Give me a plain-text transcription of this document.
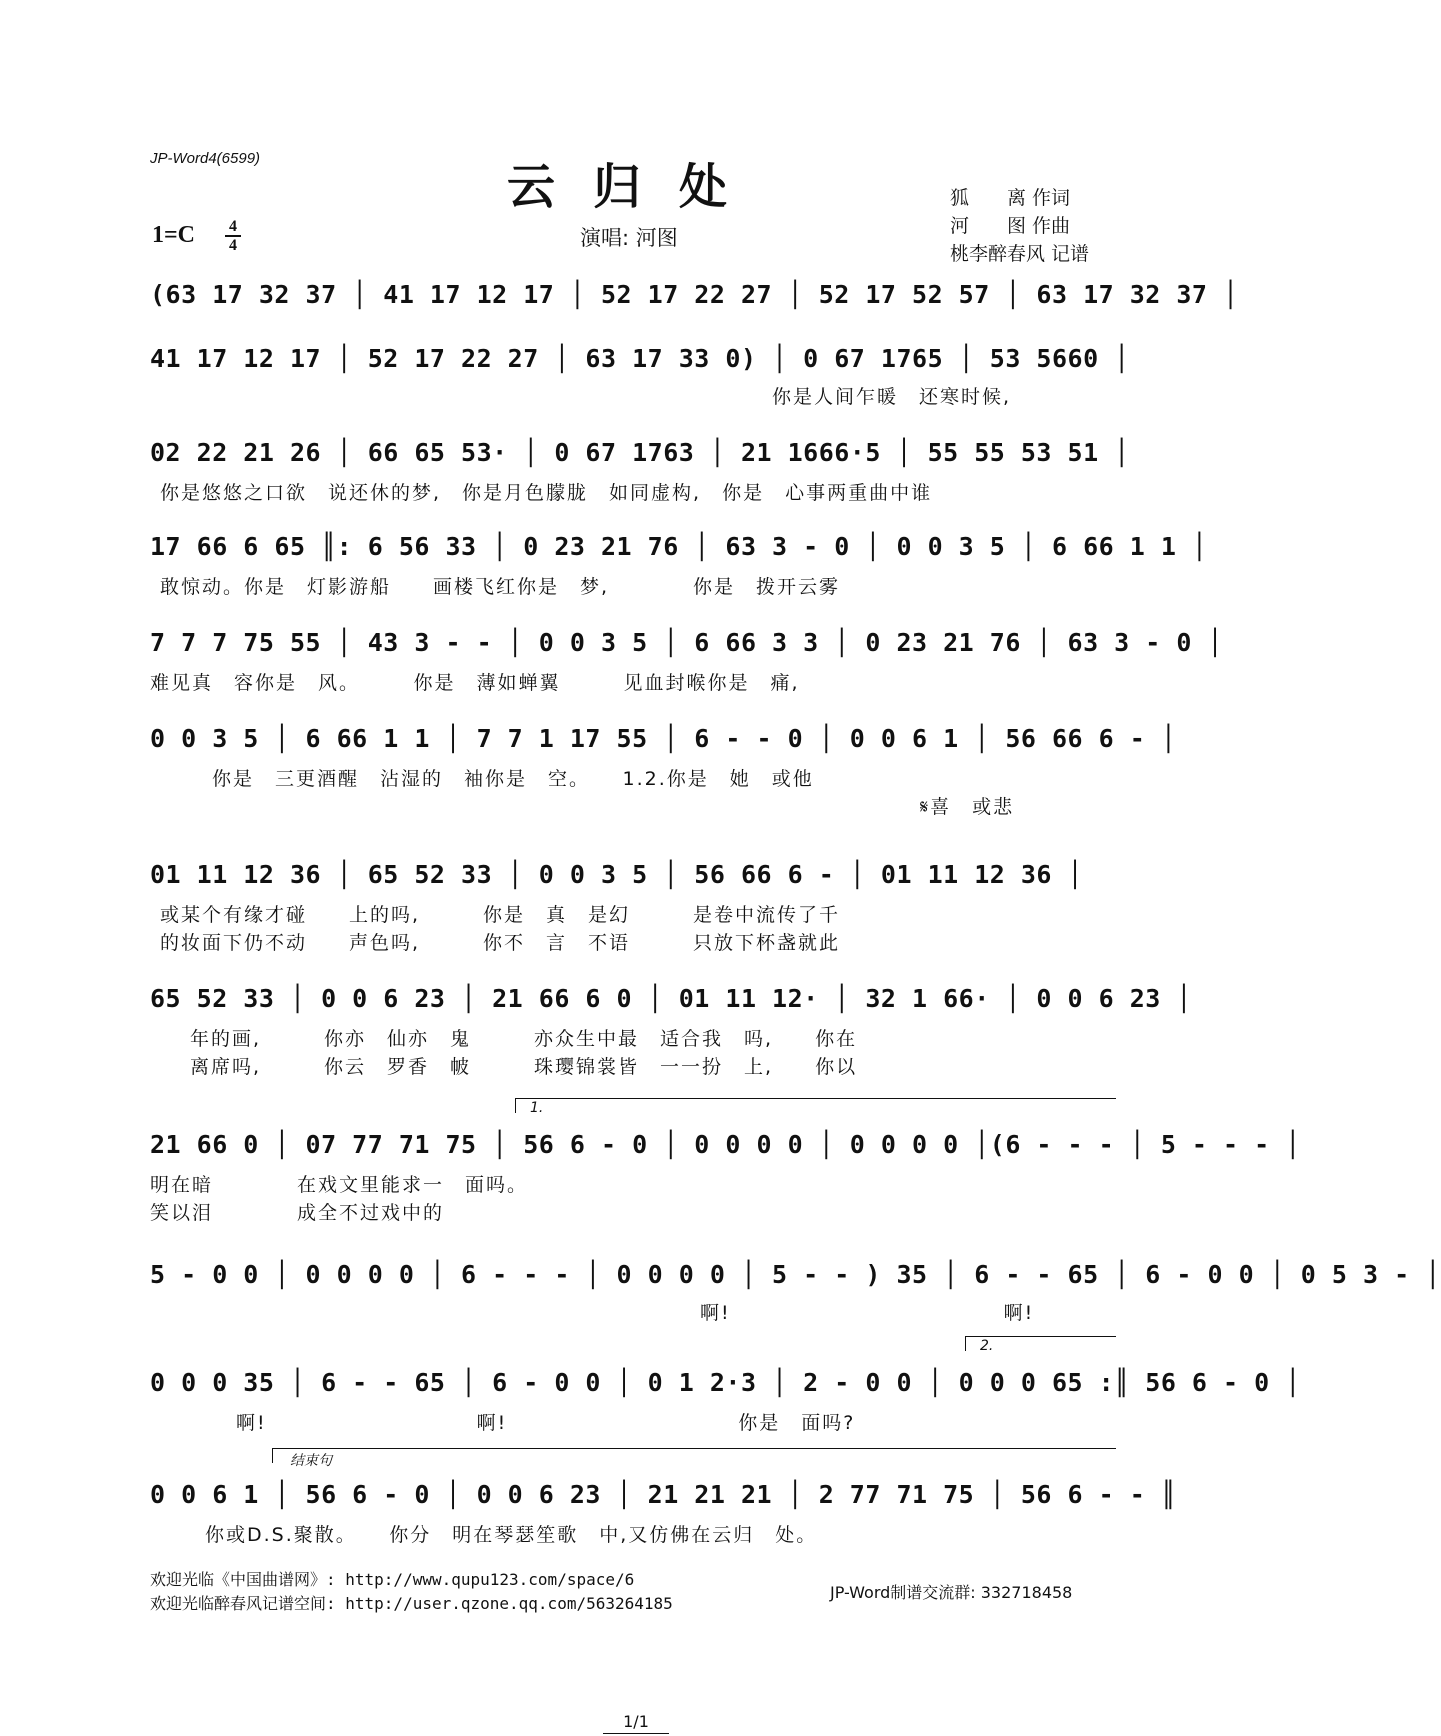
JP-Word4(6599)
云归处
1=C	4
4	演唱: 河图
狐　　离 作词
河　　图 作曲
桃李醉春风 记谱
(63 17 32 37 │ 41 17 12 17 │ 52 17 22 27 │ 52 17 52 57 │ 63 17 32 37 │
41 17 12 17 │ 52 17 22 27 │ 63 17 33 0) │ 0 67 1765 │ 53 5660 │
你是人间乍暖　还寒时候,
02 22 21 26 │ 66 65 53· │ 0 67 1763 │ 21 1666·5 │ 55 55 53 51 │
你是悠悠之口欲　说还休的梦,　你是月色朦胧　如同虚构,　你是　心事两重曲中谁
17 66 6 65 ║: 6 56 33 │ 0 23 21 76 │ 63 3 - 0 │ 0 0 3 5 │ 6 66 1 1 │
敢惊动。你是　灯影游船　　画楼飞红你是　梦,　　　　你是　拨开云雾
7 7 7 75 55 │ 43 3 - - │ 0 0 3 5 │ 6 66 3 3 │ 0 23 21 76 │ 63 3 - 0 │
难见真　容你是　风。　　　你是　薄如蝉翼　　　见血封喉你是　痛,
0 0 3 5 │ 6 66 1 1 │ 7 7 1 17 55 │ 6 - - 0 │ 0 0 6 1 │ 56 66 6 - │
你是　三更酒醒　沾湿的　袖你是　空。　　1.2.你是　她　或他
𝄋喜　或悲
01 11 12 36 │ 65 52 33 │ 0 0 3 5 │ 56 66 6 - │ 01 11 12 36 │
或某个有缘才碰　　上的吗,　　　你是　真　是幻　　　是卷中流传了千
的妆面下仍不动　　声色吗,　　　你不　言　不语　　　只放下杯盏就此
65 52 33 │ 0 0 6 23 │ 21 66 6 0 │ 01 11 12· │ 32 1 66· │ 0 0 6 23 │
年的画,　　　你亦　仙亦　鬼　　　亦众生中最　适合我　吗,　　你在
离席吗,　　　你云　罗香　帔　　　珠璎锦裳皆　一一扮　上,　　你以
1.
21 66 0 │ 07 77 71 75 │ 56 6 - 0 │ 0 0 0 0 │ 0 0 0 0 │(6 - - - │ 5 - - - │
明在暗　　　　在戏文里能求一　面吗。
笑以泪　　　　成全不过戏中的
5 - 0 0 │ 0 0 0 0 │ 6 - - - │ 0 0 0 0 │ 5 - - ) 35 │ 6 - - 65 │ 6 - 0 0 │ 0 5 3 - │
啊!　　　　　　　　　　　　　啊!
2.
0 0 0 35 │ 6 - - 65 │ 6 - 0 0 │ 0 1 2·3 │ 2 - 0 0 │ 0 0 0 65 :║ 56 6 - 0 │
啊!　　　　　　　　　　啊!　　　　　　　　　　　你是　面吗?
结束句
0 0 6 1 │ 56 6 - 0 │ 0 0 6 23 │ 21 21 21 │ 2 77 71 75 │ 56 6 - - ║
你或D.S.聚散。　　你分　明在琴瑟笙歌　中,又仿佛在云归　处。
欢迎光临《中国曲谱网》: http://www.qupu123.com/space/6
欢迎光临醉春风记谱空间: http://user.qzone.qq.com/563264185
JP-Word制谱交流群: 332718458
1/1
